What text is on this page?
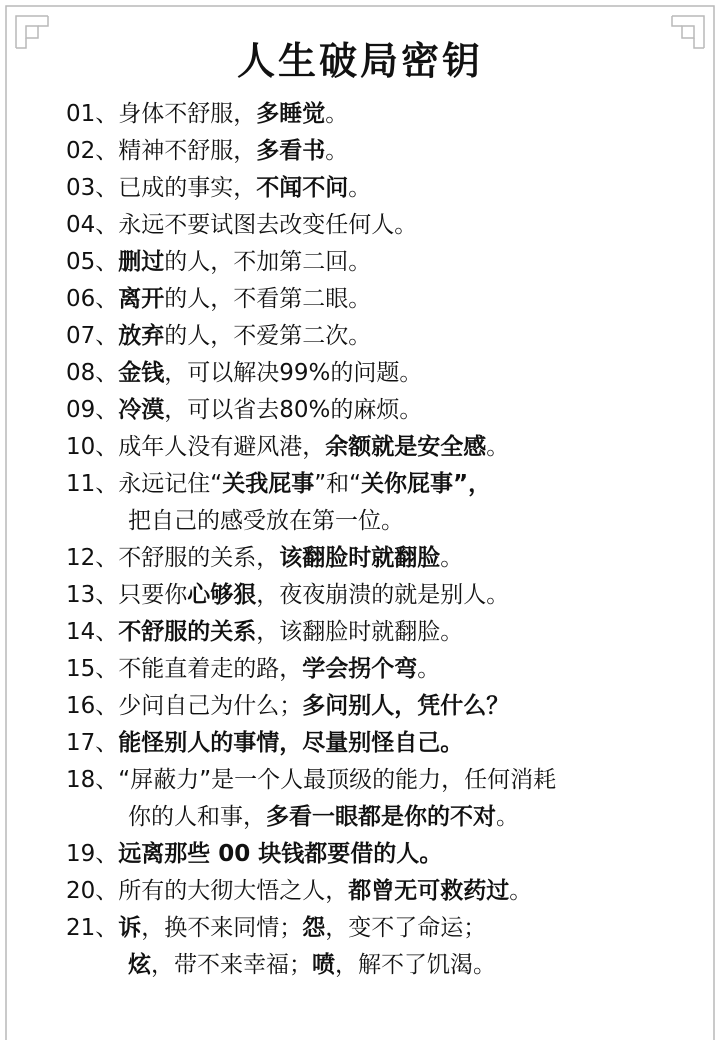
人生破局密钥
01、身体不舒服，多睡觉。
02、精神不舒服，多看书。
03、已成的事实，不闻不问。
04、永远不要试图去改变任何人。
05、删过的人，不加第二回。
06、离开的人，不看第二眼。
07、放弃的人，不爱第二次。
08、金钱，可以解决99%的问题。
09、冷漠，可以省去80%的麻烦。
10、成年人没有避风港，余额就是安全感。
11、永远记住“关我屁事”和“关你屁事”，
把自己的感受放在第一位。
12、不舒服的关系，该翻脸时就翻脸。
13、只要你心够狠，夜夜崩溃的就是别人。
14、不舒服的关系，该翻脸时就翻脸。
15、不能直着走的路，学会拐个弯。
16、少问自己为什么；多问别人，凭什么？
17、能怪别人的事情，尽量别怪自己。
18、“屏蔽力”是一个人最顶级的能力，任何消耗
你的人和事，多看一眼都是你的不对。
19、远离那些 00 块钱都要借的人。
20、所有的大彻大悟之人，都曾无可救药过。
21、诉，换不来同情；怨，变不了命运；
炫，带不来幸福；喷，解不了饥渴。
